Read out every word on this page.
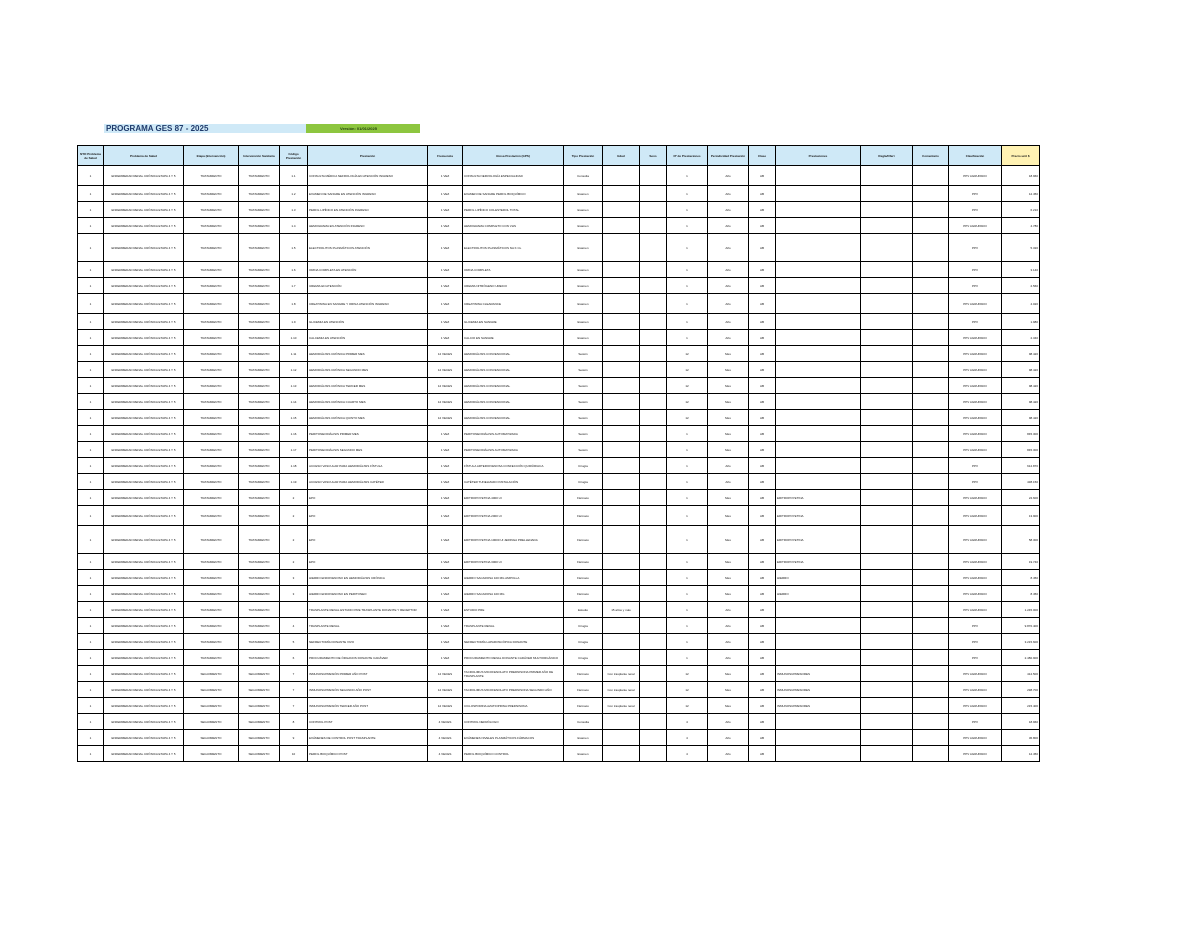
PROGRAMA GES 87 - 2025	Versión: 01/01/2025
N°ID Problema de Salud	Problema de Salud	Etapa (Intervención)	Intervención Sanitaria	Código Prestación	Prestación	Frecuencia	Glosa Prestación (GPS)	Tipo Prestación	Edad	Sexo	Nº de Prestaciones	Periodicidad Prestación	Clase	Prestaciones	Regla/Ofert	Comentario	Clasificación	Precio unit $

1	ENFERMEDAD RENAL CRÓNICA ETAPA 4 Y 5	TRATAMIENTO	TRATAMIENTO	1.1	CONSULTA MÉDICA NEFROLOGÍA EN ATENCIÓN INGRESO	1 VEZ	CONSULTA NEFROLOGÍA ESPECIALIDAD	Consulta			1	Año	AB				PPV AGRUPADO	18.960

1	ENFERMEDAD RENAL CRÓNICA ETAPA 4 Y 5	TRATAMIENTO	TRATAMIENTO	1.2	EXAMEN DE SANGRE EN ATENCIÓN INGRESO	1 VEZ	EXAMEN DE SANGRE PERFIL BIOQUÍMICO	Examen			1	Año	AB				PPV	12.450

1	ENFERMEDAD RENAL CRÓNICA ETAPA 4 Y 5	TRATAMIENTO	TRATAMIENTO	1.3	PERFIL LIPÍDICO EN ATENCIÓN INGRESO	1 VEZ	PERFIL LIPÍDICO COLESTEROL TOTAL	Examen			1	Año	AB				PPV	6.210

1	ENFERMEDAD RENAL CRÓNICA ETAPA 4 Y 5	TRATAMIENTO	TRATAMIENTO	1.4	HEMOGRAMA EN ATENCIÓN INGRESO	1 VEZ	HEMOGRAMA COMPLETO CON VHS	Examen			1	Año	AB				PPV AGRUPADO	4.780

1	ENFERMEDAD RENAL CRÓNICA ETAPA 4 Y 5	TRATAMIENTO	TRATAMIENTO	1.5	ELECTROLITOS PLASMÁTICOS ATENCIÓN	1 VEZ	ELECTROLITOS PLASMÁTICOS NA K CL	Examen			1	Año	AB				PPV	5.320

1	ENFERMEDAD RENAL CRÓNICA ETAPA 4 Y 5	TRATAMIENTO	TRATAMIENTO	1.6	ORINA COMPLETA EN ATENCIÓN	1 VEZ	ORINA COMPLETA	Examen			1	Año	AB				PPV	3.140

1	ENFERMEDAD RENAL CRÓNICA ETAPA 4 Y 5	TRATAMIENTO	TRATAMIENTO	1.7	UREMIA EN ATENCIÓN	1 VEZ	UREMIA NITRÓGENO UREICO	Examen			1	Año	AB				PPV	2.560

1	ENFERMEDAD RENAL CRÓNICA ETAPA 4 Y 5	TRATAMIENTO	TRATAMIENTO	1.8	CREATININA EN SANGRE Y ORINA ATENCIÓN INGRESO	1 VEZ	CREATININA CLEARANCE	Examen			1	Año	AB				PPV AGRUPADO	4.020

1	ENFERMEDAD RENAL CRÓNICA ETAPA 4 Y 5	TRATAMIENTO	TRATAMIENTO	1.9	GLICEMIA EN ATENCIÓN	1 VEZ	GLICEMIA EN SANGRE	Examen			1	Año	AB				PPV	1.980

1	ENFERMEDAD RENAL CRÓNICA ETAPA 4 Y 5	TRATAMIENTO	TRATAMIENTO	1.10	CALCEMIA EN ATENCIÓN	1 VEZ	CALCIO EN SANGRE	Examen			1	Año	AB				PPV AGRUPADO	2.340

1	ENFERMEDAD RENAL CRÓNICA ETAPA 4 Y 5	TRATAMIENTO	TRATAMIENTO	1.11	HEMODIÁLISIS CRÓNICA PRIMER MES	12 VECES	HEMODIÁLISIS CONVENCIONAL	Sesión			12	Mes	AB				PPV AGRUPADO	98.420

1	ENFERMEDAD RENAL CRÓNICA ETAPA 4 Y 5	TRATAMIENTO	TRATAMIENTO	1.12	HEMODIÁLISIS CRÓNICA SEGUNDO MES	12 VECES	HEMODIÁLISIS CONVENCIONAL	Sesión			12	Mes	AB				PPV AGRUPADO	98.420

1	ENFERMEDAD RENAL CRÓNICA ETAPA 4 Y 5	TRATAMIENTO	TRATAMIENTO	1.13	HEMODIÁLISIS CRÓNICA TERCER MES	12 VECES	HEMODIÁLISIS CONVENCIONAL	Sesión			12	Mes	AB				PPV AGRUPADO	98.420

1	ENFERMEDAD RENAL CRÓNICA ETAPA 4 Y 5	TRATAMIENTO	TRATAMIENTO	1.14	HEMODIÁLISIS CRÓNICA CUARTO MES	12 VECES	HEMODIÁLISIS CONVENCIONAL	Sesión			12	Mes	AB				PPV AGRUPADO	98.420

1	ENFERMEDAD RENAL CRÓNICA ETAPA 4 Y 5	TRATAMIENTO	TRATAMIENTO	1.15	HEMODIÁLISIS CRÓNICA QUINTO MES	12 VECES	HEMODIÁLISIS CONVENCIONAL	Sesión			12	Mes	AB				PPV AGRUPADO	98.420

1	ENFERMEDAD RENAL CRÓNICA ETAPA 4 Y 5	TRATAMIENTO	TRATAMIENTO	1.16	PERITONEODIÁLISIS PRIMER MES	1 VEZ	PERITONEODIÁLISIS AUTOMATIZADA	Sesión			1	Mes	AB				PPV AGRUPADO	845.300

1	ENFERMEDAD RENAL CRÓNICA ETAPA 4 Y 5	TRATAMIENTO	TRATAMIENTO	1.17	PERITONEODIÁLISIS SEGUNDO MES	1 VEZ	PERITONEODIÁLISIS AUTOMATIZADA	Sesión			1	Mes	AB				PPV AGRUPADO	845.300

1	ENFERMEDAD RENAL CRÓNICA ETAPA 4 Y 5	TRATAMIENTO	TRATAMIENTO	1.18	ACCESO VASCULAR PARA HEMODIÁLISIS FÍSTULA	1 VEZ	FÍSTULA ARTERIOVENOSA CONFECCIÓN QUIRÚRGICA	Cirugía			1	Año	AB				PPV	612.870

1	ENFERMEDAD RENAL CRÓNICA ETAPA 4 Y 5	TRATAMIENTO	TRATAMIENTO	1.19	ACCESO VASCULAR PARA HEMODIÁLISIS CATÉTER	1 VEZ	CATÉTER TUNELIZADO INSTALACIÓN	Cirugía			1	Año	AB				PPV	438.150

1	ENFERMEDAD RENAL CRÓNICA ETAPA 4 Y 5	TRATAMIENTO	TRATAMIENTO	2	EPO	1 VEZ	ERITROPOYETINA 4000 UI	Fármaco			1	Mes	AB	ERITROPOYETINA			PPV AGRUPADO	24.600

1	ENFERMEDAD RENAL CRÓNICA ETAPA 4 Y 5	TRATAMIENTO	TRATAMIENTO	2	EPO	1 VEZ	ERITROPOYETINA 2000 UI	Fármaco			1	Mes	AB	ERITROPOYETINA			PPV AGRUPADO	13.900

1	ENFERMEDAD RENAL CRÓNICA ETAPA 4 Y 5	TRATAMIENTO	TRATAMIENTO	2	EPO	1 VEZ	ERITROPOYETINA 10000 UI JERINGA PRELLENADA	Fármaco			1	Mes	AB	ERITROPOYETINA			PPV AGRUPADO	58.300

1	ENFERMEDAD RENAL CRÓNICA ETAPA 4 Y 5	TRATAMIENTO	TRATAMIENTO	2	EPO	1 VEZ	ERITROPOYETINA 3000 UI	Fármaco			1	Mes	AB	ERITROPOYETINA			PPV AGRUPADO	19.740

1	ENFERMEDAD RENAL CRÓNICA ETAPA 4 Y 5	TRATAMIENTO	TRATAMIENTO	3	HIERRO ENDOVENOSO EN HEMODIÁLISIS CRÓNICA	1 VEZ	HIERRO SACAROSA 100 MG AMPOLLA	Fármaco			1	Mes	AB	HIERRO			PPV AGRUPADO	8.450

1	ENFERMEDAD RENAL CRÓNICA ETAPA 4 Y 5	TRATAMIENTO	TRATAMIENTO	3	HIERRO ENDOVENOSO EN PERITONEO	1 VEZ	HIERRO SACAROSA 100 MG	Fármaco			1	Mes	AB	HIERRO			PPV AGRUPADO	8.450

1	ENFERMEDAD RENAL CRÓNICA ETAPA 4 Y 5	TRATAMIENTO	TRATAMIENTO		TRASPLANTE RENAL ESTUDIO PRE TRASPLANTE DONANTE Y RECEPTOR	1 VEZ	ESTUDIO PRE	Estudio	15 años y más		1	Año	AB				PPV AGRUPADO	1.245.000

1	ENFERMEDAD RENAL CRÓNICA ETAPA 4 Y 5	TRATAMIENTO	TRATAMIENTO	4	TRASPLANTE RENAL	1 VEZ	TRASPLANTE RENAL	Cirugía			1	Año	AB				PPV	9.870.400

1	ENFERMEDAD RENAL CRÓNICA ETAPA 4 Y 5	TRATAMIENTO	TRATAMIENTO	5	NEFRECTOMÍA DONANTE VIVO	1 VEZ	NEFRECTOMÍA LAPAROSCÓPICA DONANTE	Cirugía			1	Año	AB				PPV	3.215.600

1	ENFERMEDAD RENAL CRÓNICA ETAPA 4 Y 5	TRATAMIENTO	TRATAMIENTO	6	PROCURAMIENTO DE ÓRGANOS DONANTE CADÁVER	1 VEZ	PROCURAMIENTO RENAL DONANTE CADÁVER MULTIORGÁNICO	Cirugía			1	Año	AB				PPV	2.480.900

1	ENFERMEDAD RENAL CRÓNICA ETAPA 4 Y 5	SEGUIMIENTO	SEGUIMIENTO	7	INMUNOSUPRESIÓN PRIMER AÑO POST	12 VECES	TACROLIMUS MICOFENOLATO PREDNISONA PRIMER AÑO DE TRASPLANTE	Fármaco	Con trasplante renal		12	Mes	AB	INMUNOSUPRESORES			PPV AGRUPADO	412.500

1	ENFERMEDAD RENAL CRÓNICA ETAPA 4 Y 5	SEGUIMIENTO	SEGUIMIENTO	7	INMUNOSUPRESIÓN SEGUNDO AÑO POST	12 VECES	TACROLIMUS MICOFENOLATO PREDNISONA SEGUNDO AÑO	Fármaco	Con trasplante renal		12	Mes	AB	INMUNOSUPRESORES			PPV AGRUPADO	298.700

1	ENFERMEDAD RENAL CRÓNICA ETAPA 4 Y 5	SEGUIMIENTO	SEGUIMIENTO	7	INMUNOSUPRESIÓN TERCER AÑO POST	12 VECES	CICLOSPORINA AZATIOPRINA PREDNISONA	Fármaco	Con trasplante renal		12	Mes	AB	INMUNOSUPRESORES			PPV AGRUPADO	215.400

1	ENFERMEDAD RENAL CRÓNICA ETAPA 4 Y 5	SEGUIMIENTO	SEGUIMIENTO	8	CONTROL POST	4 VECES	CONTROL NEFRÓLOGO	Consulta			4	Año	AB				PPV	18.960

1	ENFERMEDAD RENAL CRÓNICA ETAPA 4 Y 5	SEGUIMIENTO	SEGUIMIENTO	9	EXÁMENES DE CONTROL POST TRASPLANTE	4 VECES	EXÁMENES NIVELES PLASMÁTICOS FÁRMACOS	Examen			4	Año	AB				PPV AGRUPADO	36.800

1	ENFERMEDAD RENAL CRÓNICA ETAPA 4 Y 5	SEGUIMIENTO	SEGUIMIENTO	10	PERFIL BIOQUÍMICO POST	4 VECES	PERFIL BIOQUÍMICO CONTROL	Examen			4	Año	AB				PPV AGRUPADO	12.450
